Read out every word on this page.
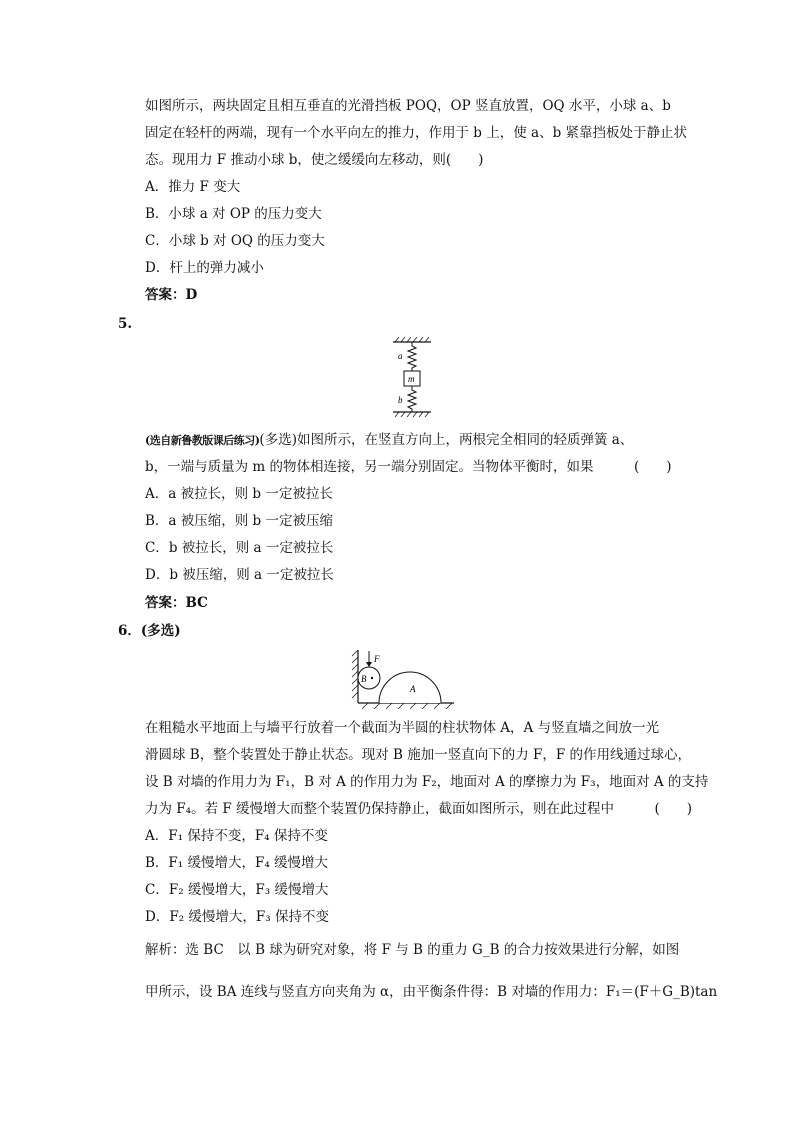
如图所示，两块固定且相互垂直的光滑挡板 POQ，OP 竖直放置，OQ 水平，小球 a、b
固定在轻杆的两端，现有一个水平向左的推力，作用于 b 上，使 a、b 紧靠挡板处于静止状
态。现用力 F 推动小球 b，使之缓缓向左移动，则(　　)
A．推力 F 变大
B．小球 a 对 OP 的压力变大
C．小球 b 对 OQ 的压力变大
D．杆上的弹力减小
答案：D
5.
a
m
b
(选自新鲁教版课后练习)(多选)如图所示，在竖直方向上，两根完全相同的轻质弹簧 a、
b，一端与质量为 m 的物体相连接，另一端分别固定。当物体平衡时，如果　　　(　　)
A．a 被拉长，则 b 一定被拉长
B．a 被压缩，则 b 一定被压缩
C．b 被拉长，则 a 一定被拉长
D．b 被压缩，则 a 一定被拉长
答案：BC
6．(多选)
F
B
A
在粗糙水平地面上与墙平行放着一个截面为半圆的柱状物体 A，A 与竖直墙之间放一光
滑圆球 B，整个装置处于静止状态。现对 B 施加一竖直向下的力 F，F 的作用线通过球心，
设 B 对墙的作用力为 F₁，B 对 A 的作用力为 F₂，地面对 A 的摩擦力为 F₃，地面对 A 的支持
力为 F₄。若 F 缓慢增大而整个装置仍保持静止，截面如图所示，则在此过程中　　　(　　)
A．F₁ 保持不变，F₄ 保持不变
B．F₁ 缓慢增大，F₄ 缓慢增大
C．F₂ 缓慢增大，F₃ 缓慢增大
D．F₂ 缓慢增大，F₃ 保持不变
解析：选 BC　以 B 球为研究对象，将 F 与 B 的重力 G_B 的合力按效果进行分解，如图
甲所示，设 BA 连线与竖直方向夹角为 α，由平衡条件得：B 对墙的作用力：F₁＝(F＋G_B)tan
